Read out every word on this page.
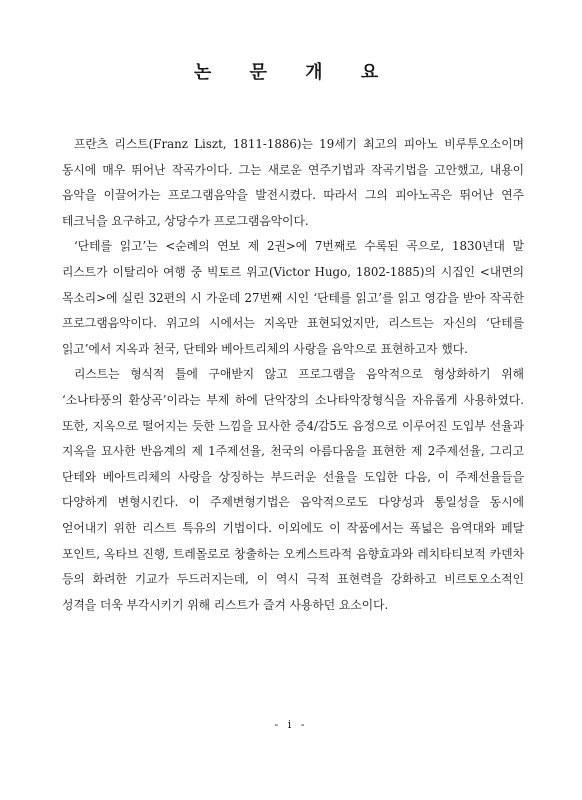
논 문 개 요

프란츠 리스트(Franz Liszt, 1811-1886)는 19세기 최고의 피아노 비루투오소이며 동시에 매우 뛰어난 작곡가이다. 그는 새로운 연주기법과 작곡기법을 고안했고, 내용이 음악을 이끌어가는 프로그램음악을 발전시켰다. 따라서 그의 피아노곡은 뛰어난 연주 테크닉을 요구하고, 상당수가 프로그램음악이다.

‘단테를 읽고’는 <순례의 연보 제 2권>에 7번째로 수록된 곡으로, 1830년대 말 리스트가 이탈리아 여행 중 빅토르 위고(Victor Hugo, 1802-1885)의 시집인 <내면의 목소리>에 실린 32편의 시 가운데 27번째 시인 ‘단테를 읽고’를 읽고 영감을 받아 작곡한 프로그램음악이다. 위고의 시에서는 지옥만 표현되었지만, 리스트는 자신의 ‘단테를 읽고’에서 지옥과 천국, 단테와 베아트리체의 사랑을 음악으로 표현하고자 했다.

리스트는 형식적 틀에 구애받지 않고 프로그램을 음악적으로 형상화하기 위해 ‘소나타풍의 환상곡’이라는 부제 하에 단악장의 소나타악장형식을 자유롭게 사용하였다. 또한, 지옥으로 떨어지는 듯한 느낌을 묘사한 증4/감5도 음정으로 이루어진 도입부 선율과 지옥을 묘사한 반음계의 제 1주제선율, 천국의 아름다움을 표현한 제 2주제선율, 그리고 단테와 베아트리체의 사랑을 상징하는 부드러운 선율을 도입한 다음, 이 주제선율들을 다양하게 변형시킨다. 이 주제변형기법은 음악적으로도 다양성과 통일성을 동시에 얻어내기 위한 리스트 특유의 기법이다. 이외에도 이 작품에서는 폭넓은 음역대와 페달 포인트, 옥타브 진행, 트레몰로로 창출하는 오케스트라적 음향효과와 레치타티보적 카덴차 등의 화려한 기교가 두드러지는데, 이 역시 극적 표현력을 강화하고 비르토오소적인 성격을 더욱 부각시키기 위해 리스트가 즐겨 사용하던 요소이다.

- i -
